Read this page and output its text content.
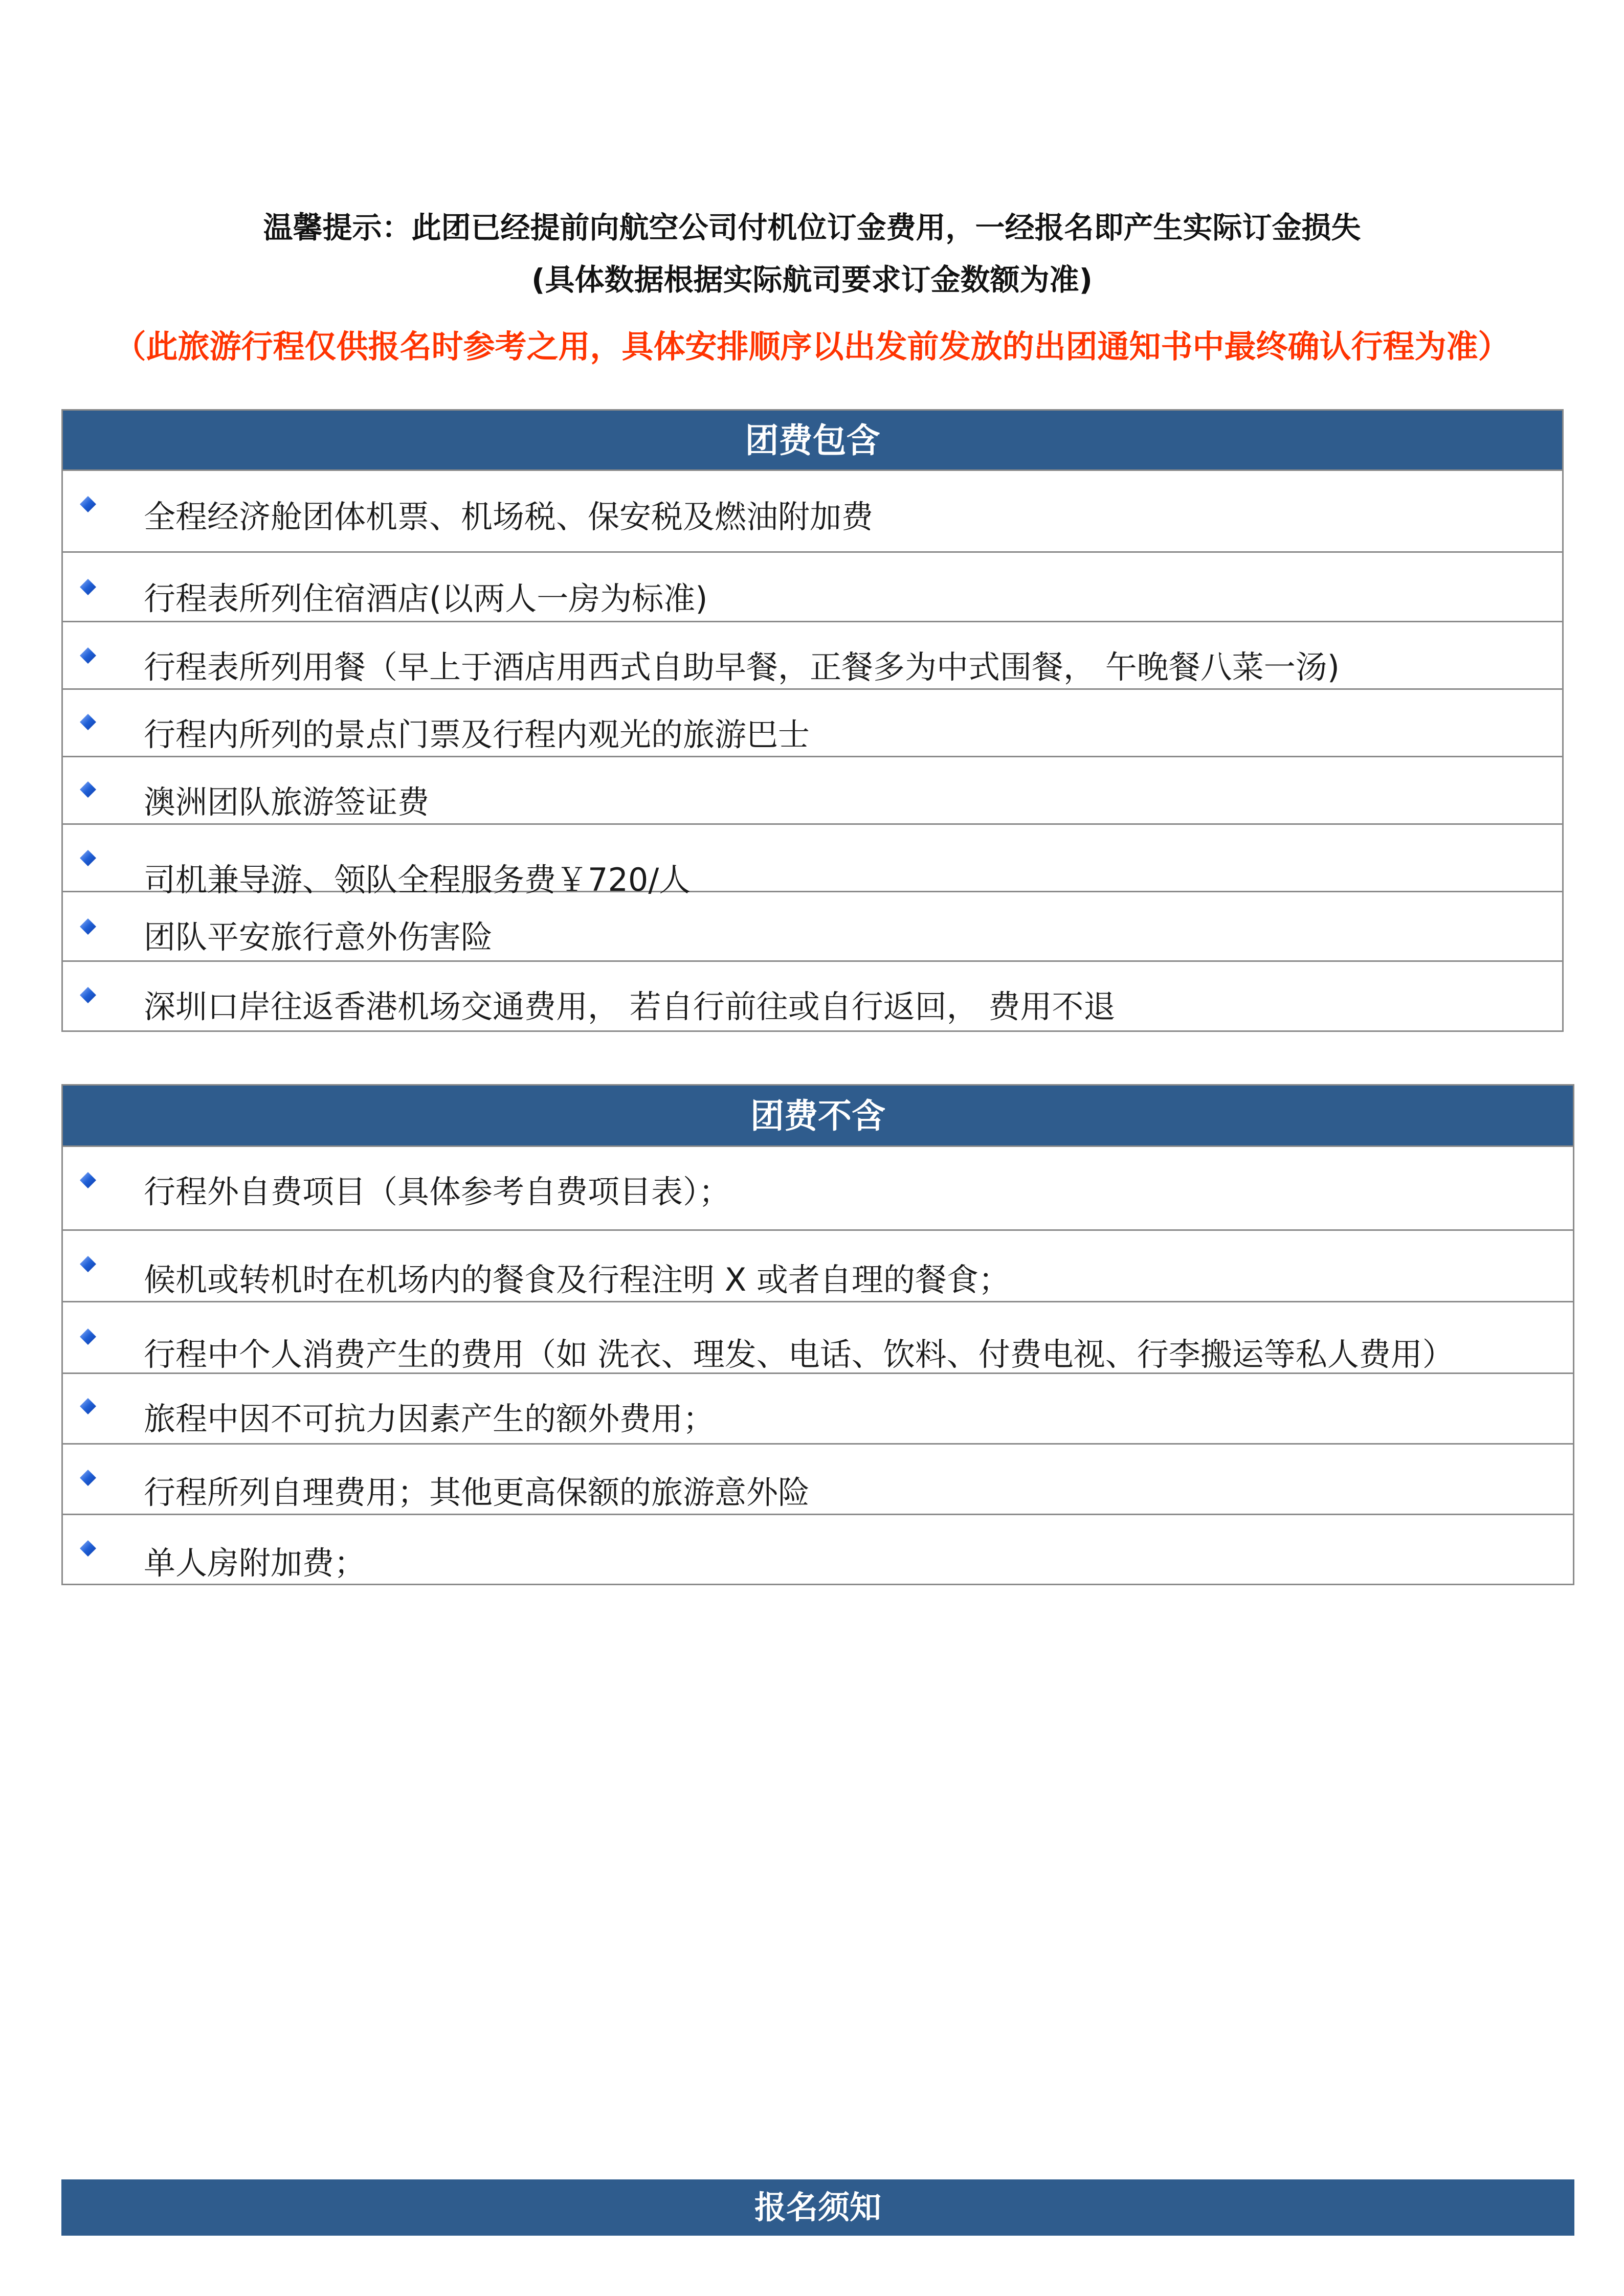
温馨提示：此团已经提前向航空公司付机位订金费用，一经报名即产生实际订金损失
(具体数据根据实际航司要求订金数额为准)
（此旅游行程仅供报名时参考之用，具体安排顺序以出发前发放的出团通知书中最终确认行程为准）
团费包含
全程经济舱团体机票、机场税、保安税及燃油附加费
行程表所列住宿酒店(以两人一房为标准)
行程表所列用餐（早上于酒店用西式自助早餐，正餐多为中式围餐， 午晚餐八菜一汤)
行程内所列的景点门票及行程内观光的旅游巴士
澳洲团队旅游签证费
司机兼导游、领队全程服务费￥720/人
团队平安旅行意外伤害险
深圳口岸往返香港机场交通费用， 若自行前往或自行返回， 费用不退
团费不含
行程外自费项目（具体参考自费项目表）；
候机或转机时在机场内的餐食及行程注明 X 或者自理的餐食；
行程中个人消费产生的费用（如 洗衣、理发、电话、饮料、付费电视、行李搬运等私人费用）
旅程中因不可抗力因素产生的额外费用；
行程所列自理费用；其他更高保额的旅游意外险
单人房附加费；
报名须知
